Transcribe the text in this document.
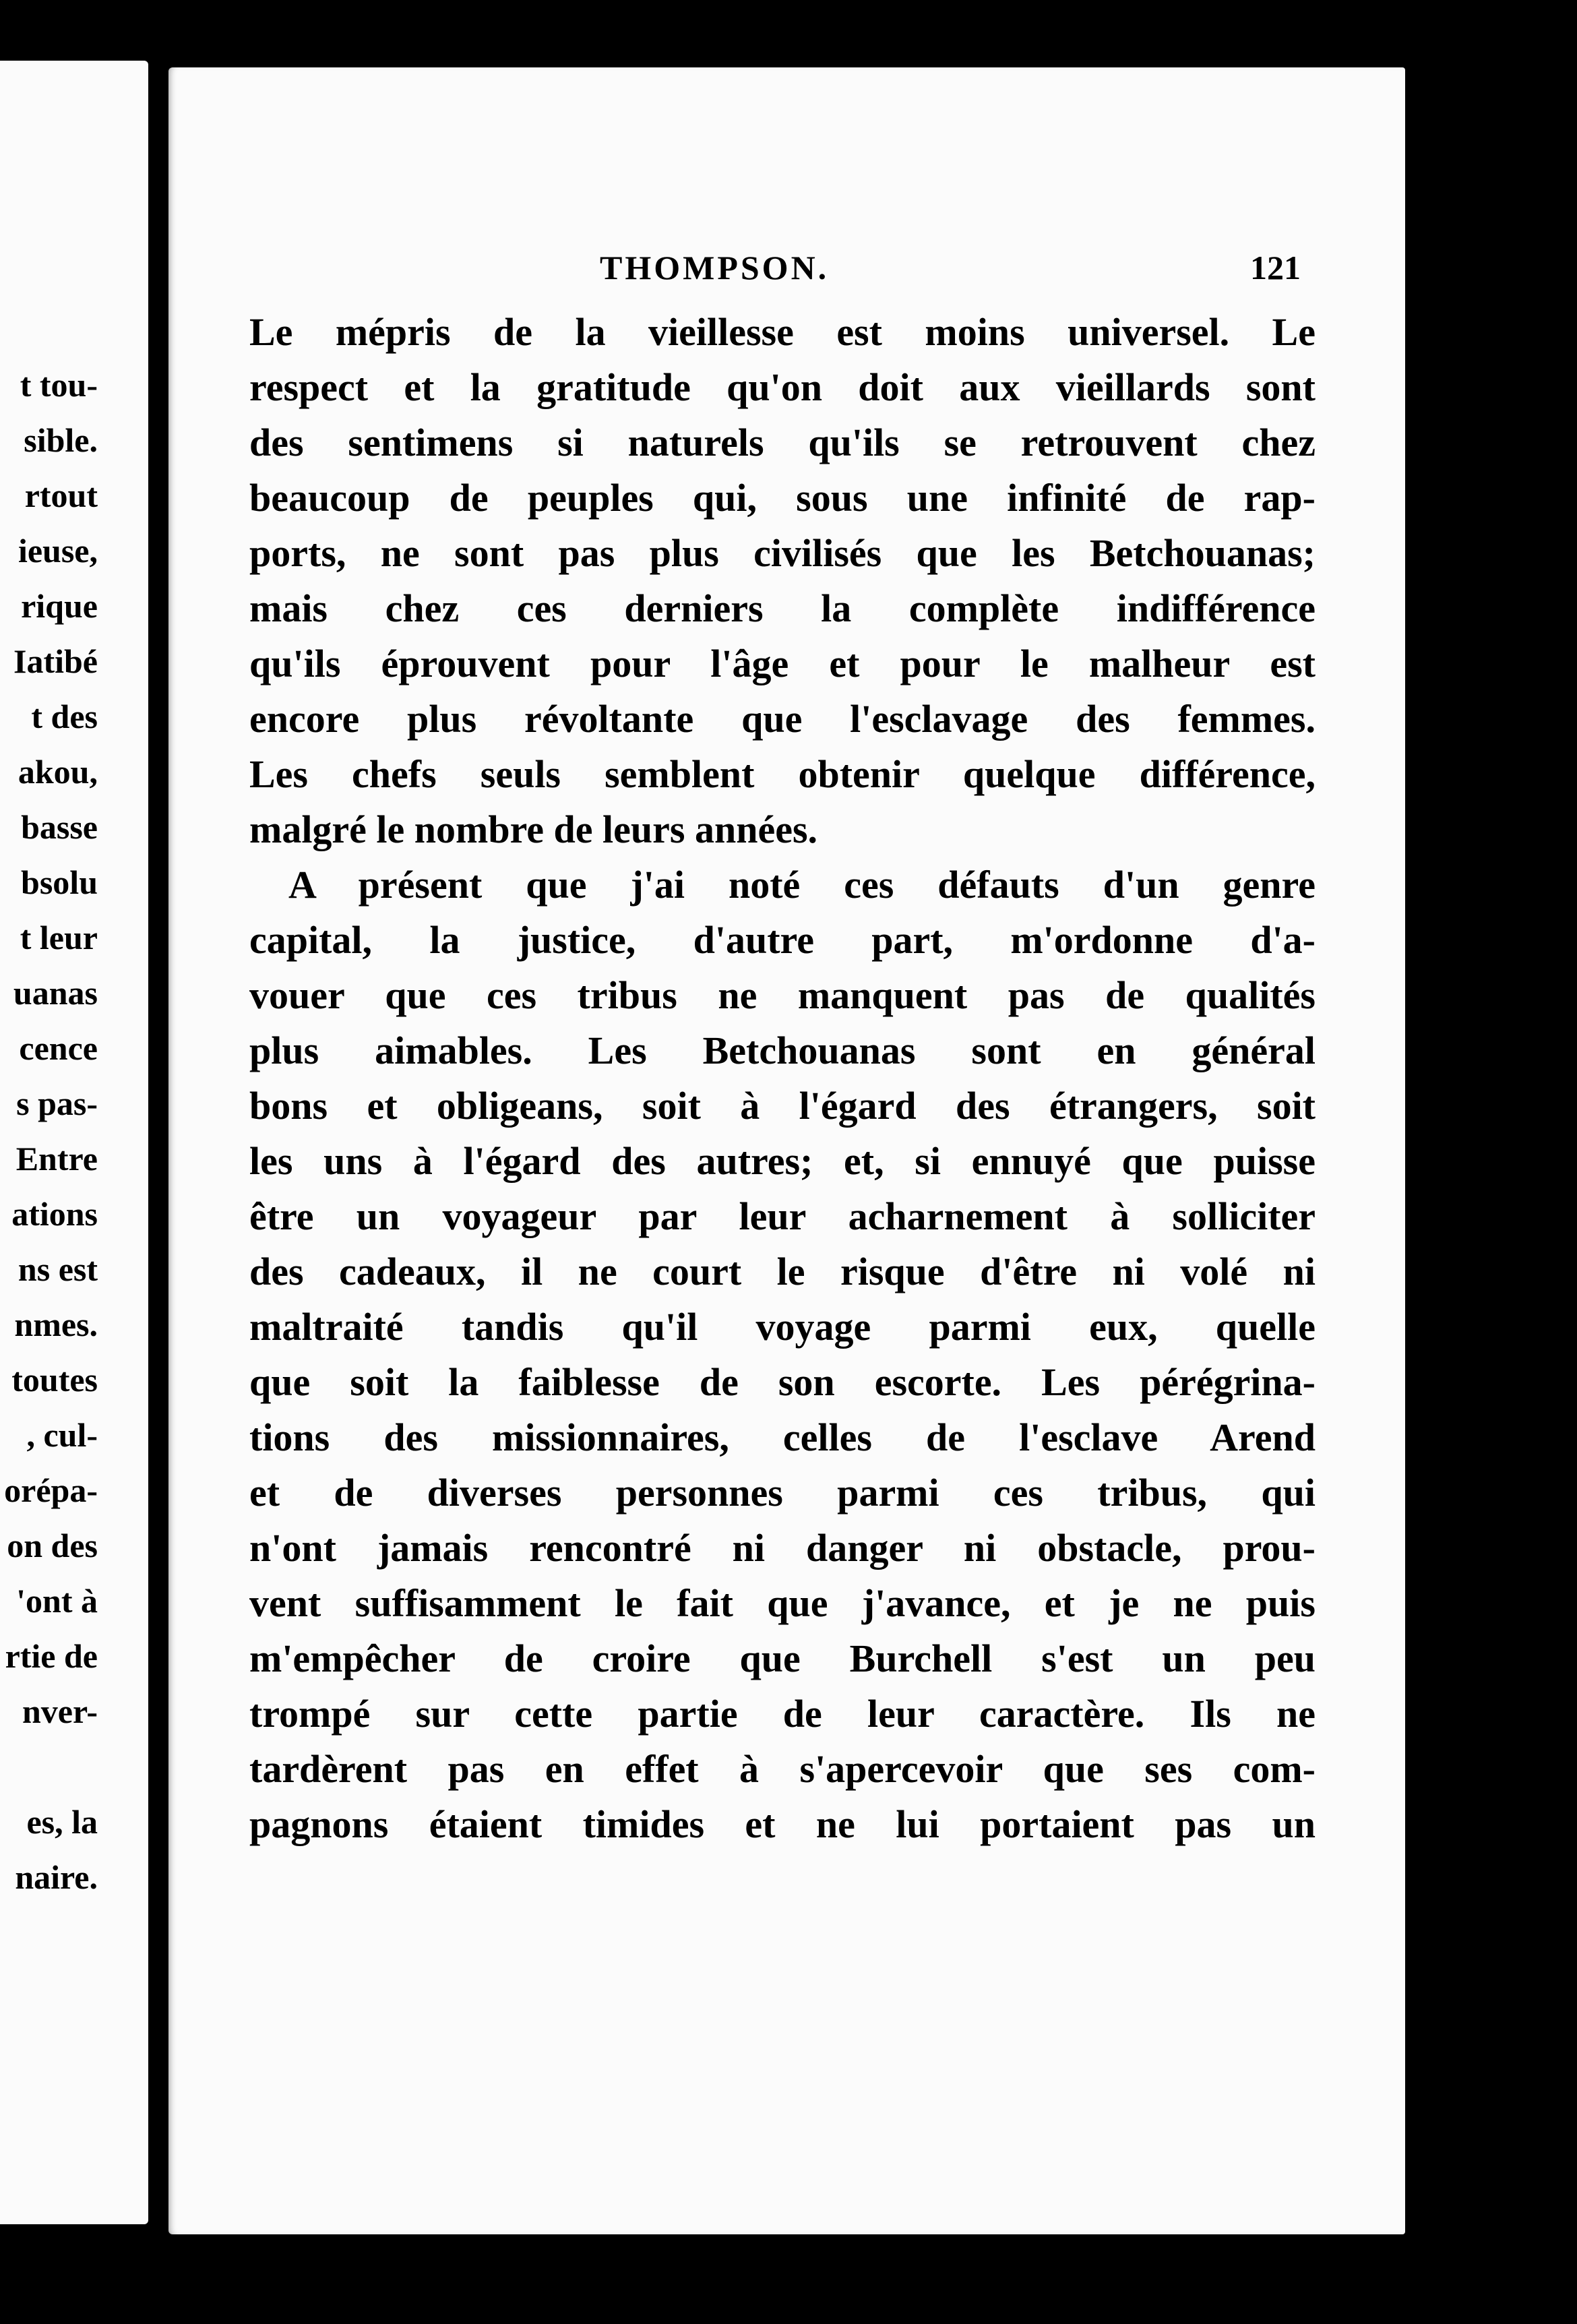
t tou-
sible.
rtout
ieuse,
rique
Iatibé
t des
akou,
basse
bsolu
t leur
uanas
cence
s pas-
Entre
ations
ns est
nmes.
toutes
, cul-
orépa-
on des
'ont à
rtie de
nver-
es, la
naire.
THOMPSON.	121
Le mépris de la vieillesse est moins universel. Le
respect et la gratitude qu'on doit aux vieillards sont
des sentimens si naturels qu'ils se retrouvent chez
beaucoup de peuples qui, sous une infinité de rap-
ports, ne sont pas plus civilisés que les Betchouanas;
mais chez ces derniers la complète indifférence
qu'ils éprouvent pour l'âge et pour le malheur est
encore plus révoltante que l'esclavage des femmes.
Les chefs seuls semblent obtenir quelque différence,
malgré le nombre de leurs années.
A présent que j'ai noté ces défauts d'un genre
capital, la justice, d'autre part, m'ordonne d'a-
vouer que ces tribus ne manquent pas de qualités
plus aimables. Les Betchouanas sont en général
bons et obligeans, soit à l'égard des étrangers, soit
les uns à l'égard des autres; et, si ennuyé que puisse
être un voyageur par leur acharnement à solliciter
des cadeaux, il ne court le risque d'être ni volé ni
maltraité tandis qu'il voyage parmi eux, quelle
que soit la faiblesse de son escorte. Les pérégrina-
tions des missionnaires, celles de l'esclave Arend
et de diverses personnes parmi ces tribus, qui
n'ont jamais rencontré ni danger ni obstacle, prou-
vent suffisamment le fait que j'avance, et je ne puis
m'empêcher de croire que Burchell s'est un peu
trompé sur cette partie de leur caractère. Ils ne
tardèrent pas en effet à s'apercevoir que ses com-
pagnons étaient timides et ne lui portaient pas un
